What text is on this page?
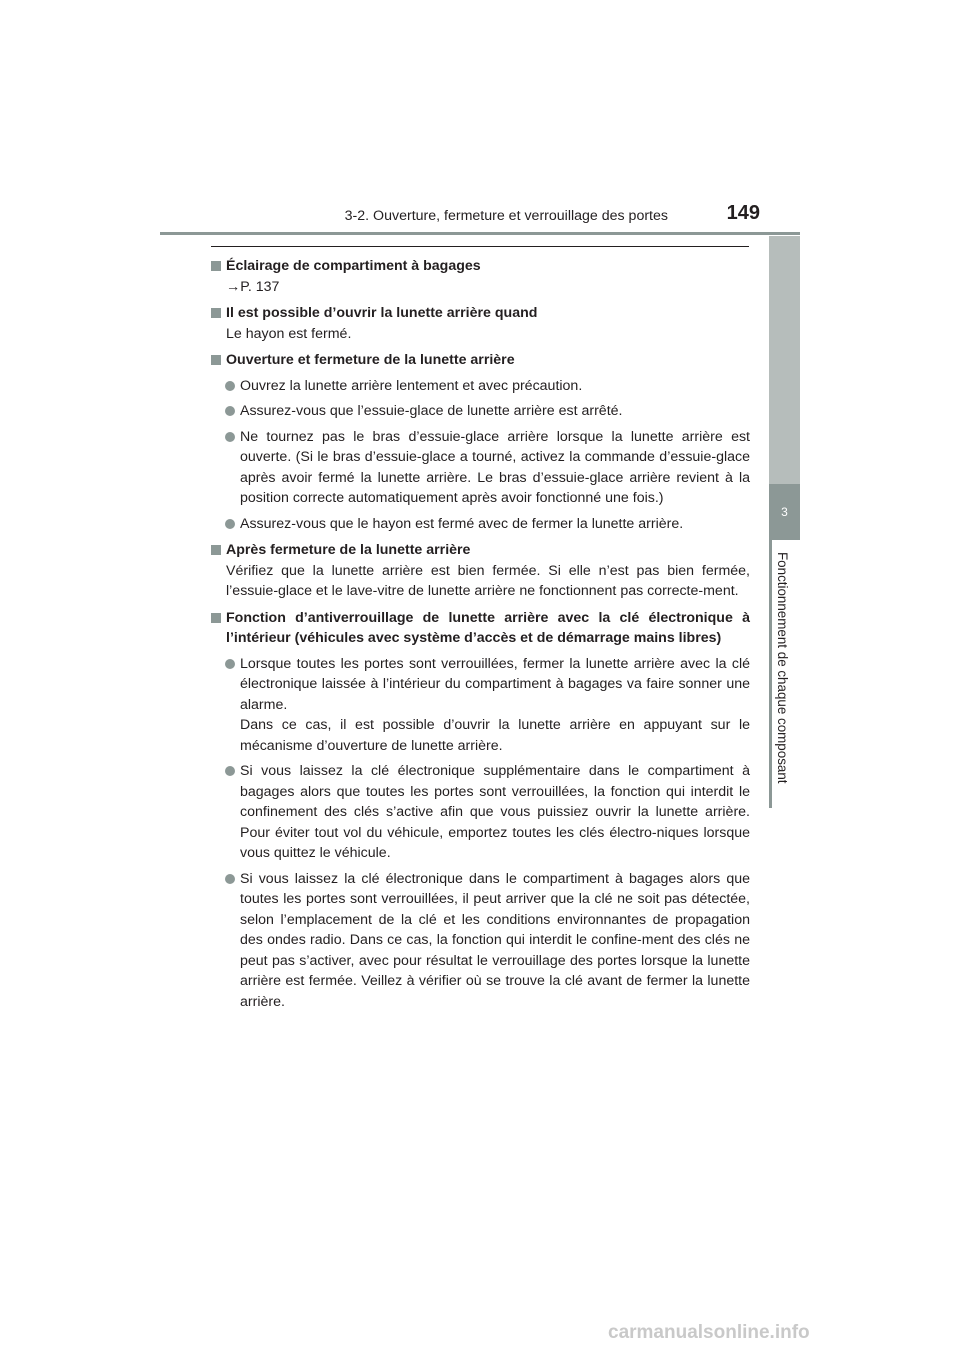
3-2. Ouverture, fermeture et verrouillage des portes	149
3
Fonctionnement de chaque composant
Éclairage de compartiment à bagages
→P. 137
Il est possible d’ouvrir la lunette arrière quand
Le hayon est fermé.
Ouverture et fermeture de la lunette arrière
Ouvrez la lunette arrière lentement et avec précaution.
Assurez-vous que l’essuie-glace de lunette arrière est arrêté.
Ne tournez pas le bras d’essuie-glace arrière lorsque la lunette arrière est ouverte. (Si le bras d’essuie-glace a tourné, activez la commande d’essuie-glace après avoir fermé la lunette arrière. Le bras d’essuie-glace arrière revient à la position correcte automatiquement après avoir fonctionné une fois.)
Assurez-vous que le hayon est fermé avec de fermer la lunette arrière.
Après fermeture de la lunette arrière
Vérifiez que la lunette arrière est bien fermée. Si elle n’est pas bien fermée, l’essuie-glace et le lave-vitre de lunette arrière ne fonctionnent pas correcte-ment.
Fonction d’antiverrouillage de lunette arrière avec la clé électronique à l’intérieur (véhicules avec système d’accès et de démarrage mains libres)
Lorsque toutes les portes sont verrouillées, fermer la lunette arrière avec la clé électronique laissée à l’intérieur du compartiment à bagages va faire sonner une alarme.
Dans ce cas, il est possible d’ouvrir la lunette arrière en appuyant sur le mécanisme d’ouverture de lunette arrière.
Si vous laissez la clé électronique supplémentaire dans le compartiment à bagages alors que toutes les portes sont verrouillées, la fonction qui interdit le confinement des clés s’active afin que vous puissiez ouvrir la lunette arrière. Pour éviter tout vol du véhicule, emportez toutes les clés électro-niques lorsque vous quittez le véhicule.
Si vous laissez la clé électronique dans le compartiment à bagages alors que toutes les portes sont verrouillées, il peut arriver que la clé ne soit pas détectée, selon l’emplacement de la clé et les conditions environnantes de propagation des ondes radio. Dans ce cas, la fonction qui interdit le confine-ment des clés ne peut pas s’activer, avec pour résultat le verrouillage des portes lorsque la lunette arrière est fermée. Veillez à vérifier où se trouve la clé avant de fermer la lunette arrière.
carmanualsonline.info
